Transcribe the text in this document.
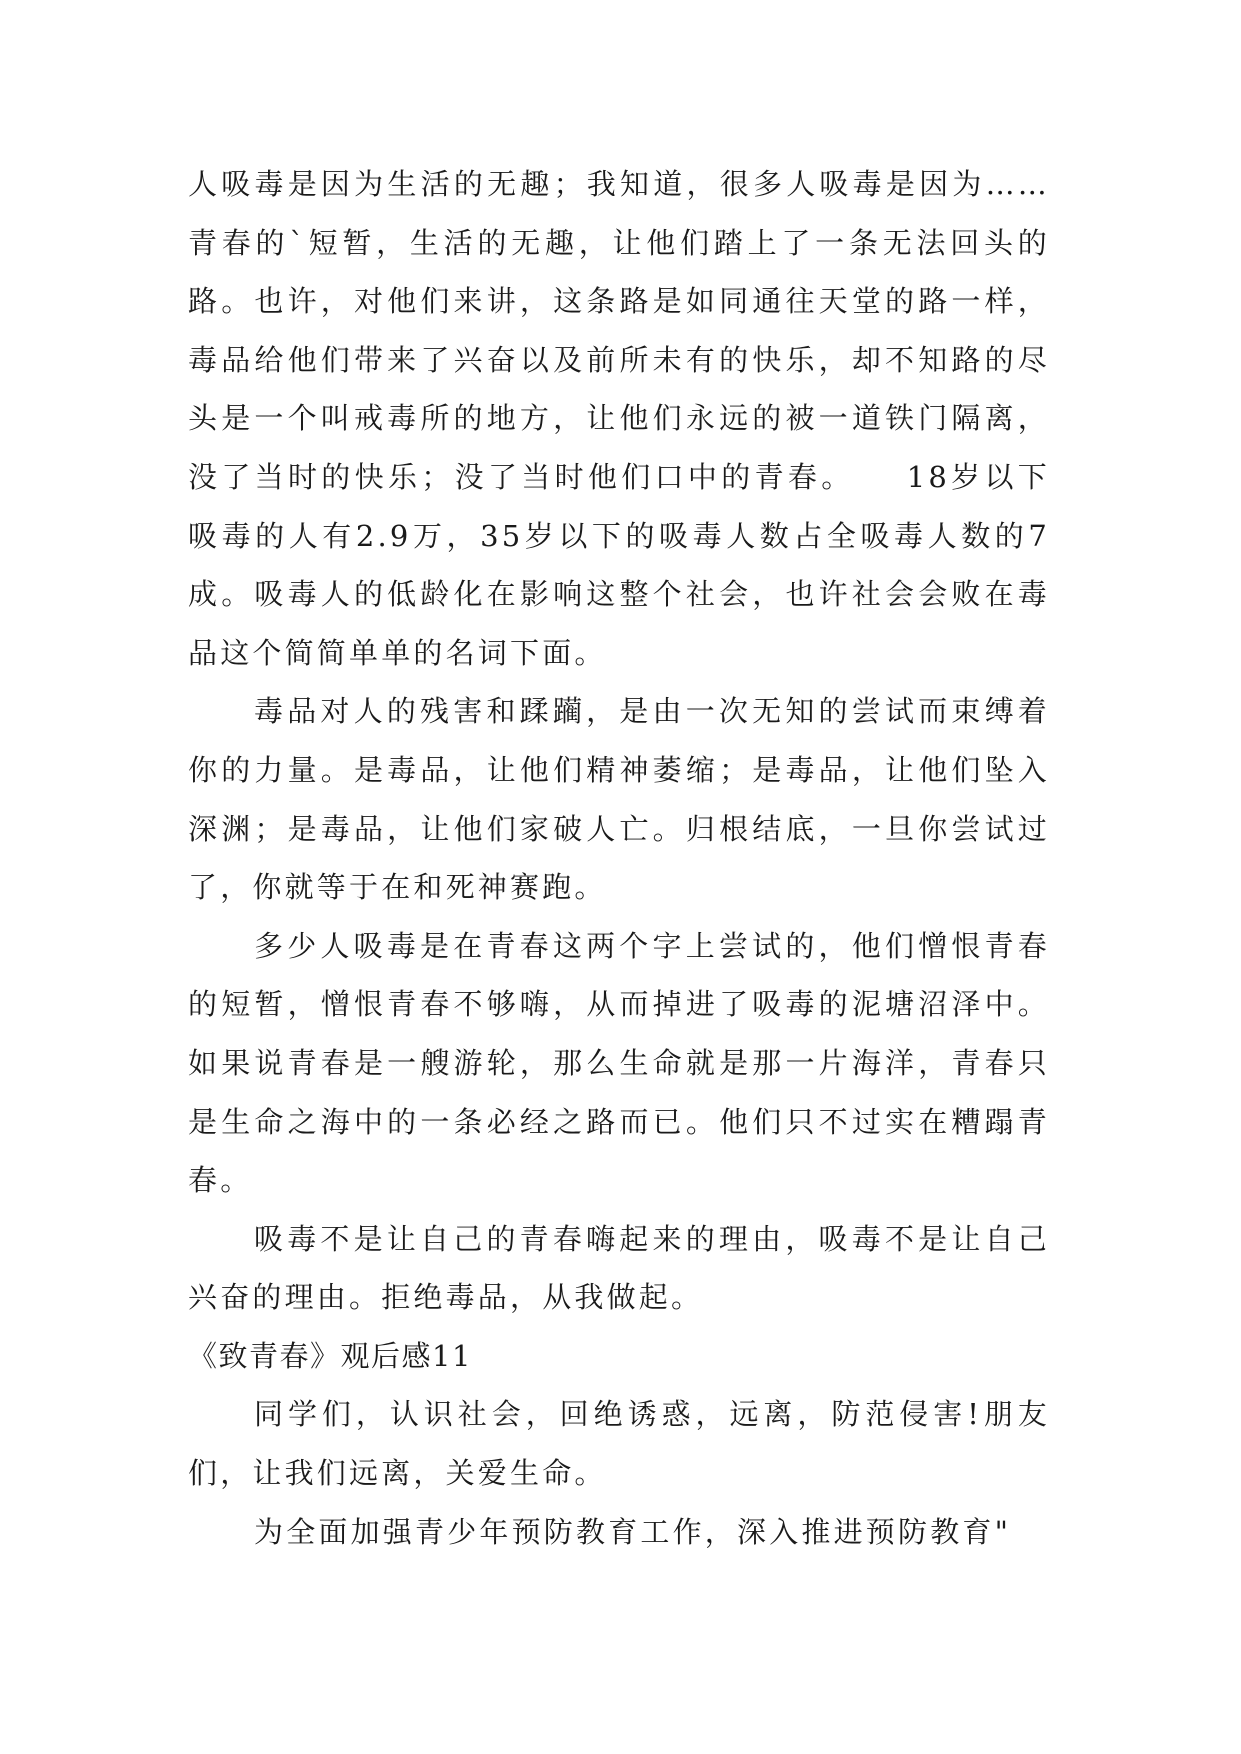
人吸毒是因为生活的无趣；我知道，很多人吸毒是因为……青春的`短暂，生活的无趣，让他们踏上了一条无法回头的路。也许，对他们来讲，这条路是如同通往天堂的路一样，毒品给他们带来了兴奋以及前所未有的快乐，却不知路的尽头是一个叫戒毒所的地方，让他们永远的被一道铁门隔离，没了当时的快乐；没了当时他们口中的青春。　　18岁以下吸毒的人有2.9万，35岁以下的吸毒人数占全吸毒人数的7成。吸毒人的低龄化在影响这整个社会，也许社会会败在毒品这个简简单单的名词下面。

毒品对人的残害和蹂躏，是由一次无知的尝试而束缚着你的力量。是毒品，让他们精神萎缩；是毒品，让他们坠入深渊；是毒品，让他们家破人亡。归根结底，一旦你尝试过了，你就等于在和死神赛跑。

多少人吸毒是在青春这两个字上尝试的，他们憎恨青春的短暂，憎恨青春不够嗨，从而掉进了吸毒的泥塘沼泽中。如果说青春是一艘游轮，那么生命就是那一片海洋，青春只是生命之海中的一条必经之路而已。他们只不过实在糟蹋青春。

吸毒不是让自己的青春嗨起来的理由，吸毒不是让自己兴奋的理由。拒绝毒品，从我做起。

《致青春》观后感11

同学们，认识社会，回绝诱惑，远离，防范侵害!朋友们，让我们远离，关爱生命。

为全面加强青少年预防教育工作，深入推进预防教育"
